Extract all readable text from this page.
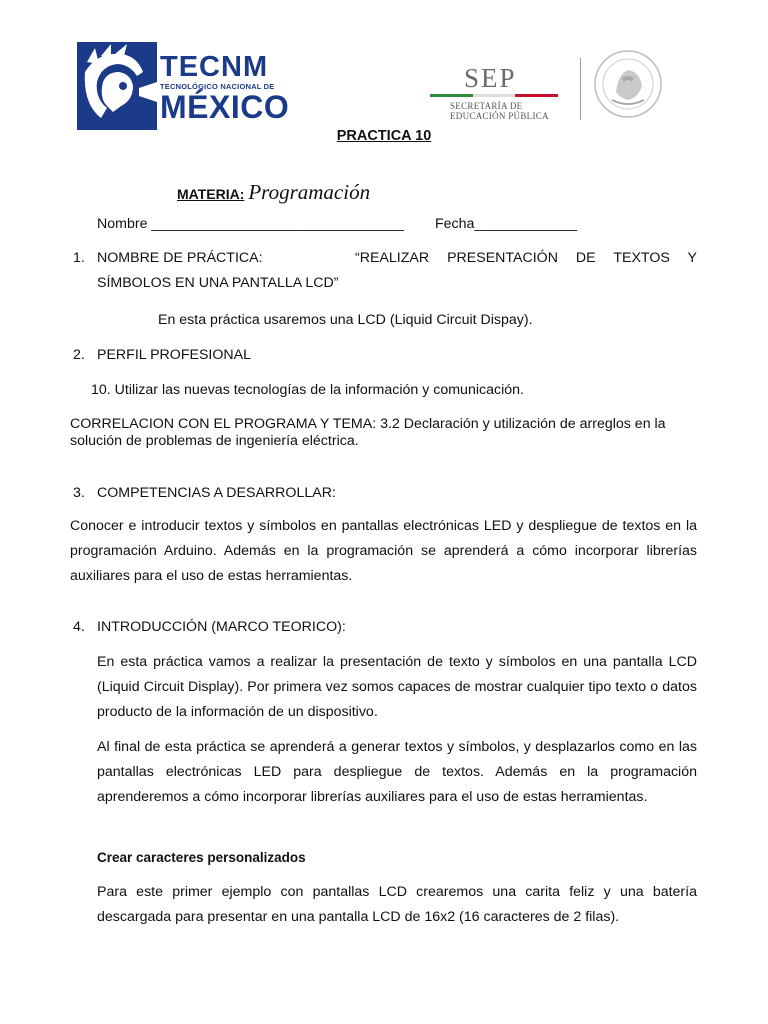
TECNM
TECNOLÓGICO NACIONAL DE
MÉXICO
SEP
SECRETARÍA DE
EDUCACIÓN PÚBLICA
PRACTICA 10
MATERIA: Programación
Nombre ________________________________ Fecha_____________
1. NOMBRE DE PRÁCTICA:	“REALIZAR PRESENTACIÓN DE TEXTOS Y SÍMBOLOS EN UNA PANTALLA LCD”
En esta práctica usaremos una LCD (Liquid Circuit Dispay).
2. PERFIL PROFESIONAL
10. Utilizar las nuevas tecnologías de la información y comunicación.
CORRELACION CON EL PROGRAMA Y TEMA: 3.2 Declaración y utilización de arreglos en la solución de problemas de ingeniería eléctrica.
3. COMPETENCIAS A DESARROLLAR:
Conocer e introducir textos y símbolos en pantallas electrónicas LED y despliegue de textos en la programación Arduino. Además en la programación se aprenderá a cómo incorporar librerías auxiliares para el uso de estas herramientas.
4. INTRODUCCIÓN (MARCO TEORICO):
En esta práctica vamos a realizar la presentación de texto y símbolos en una pantalla LCD (Liquid Circuit Display). Por primera vez somos capaces de mostrar cualquier tipo texto o datos producto de la información de un dispositivo.
Al final de esta práctica se aprenderá a generar textos y símbolos, y desplazarlos como en las pantallas electrónicas LED para despliegue de textos. Además en la programación aprenderemos a cómo incorporar librerías auxiliares para el uso de estas herramientas.
Crear caracteres personalizados
Para este primer ejemplo con pantallas LCD crearemos una carita feliz y una batería descargada para presentar en una pantalla LCD de 16x2 (16 caracteres de 2 filas).
